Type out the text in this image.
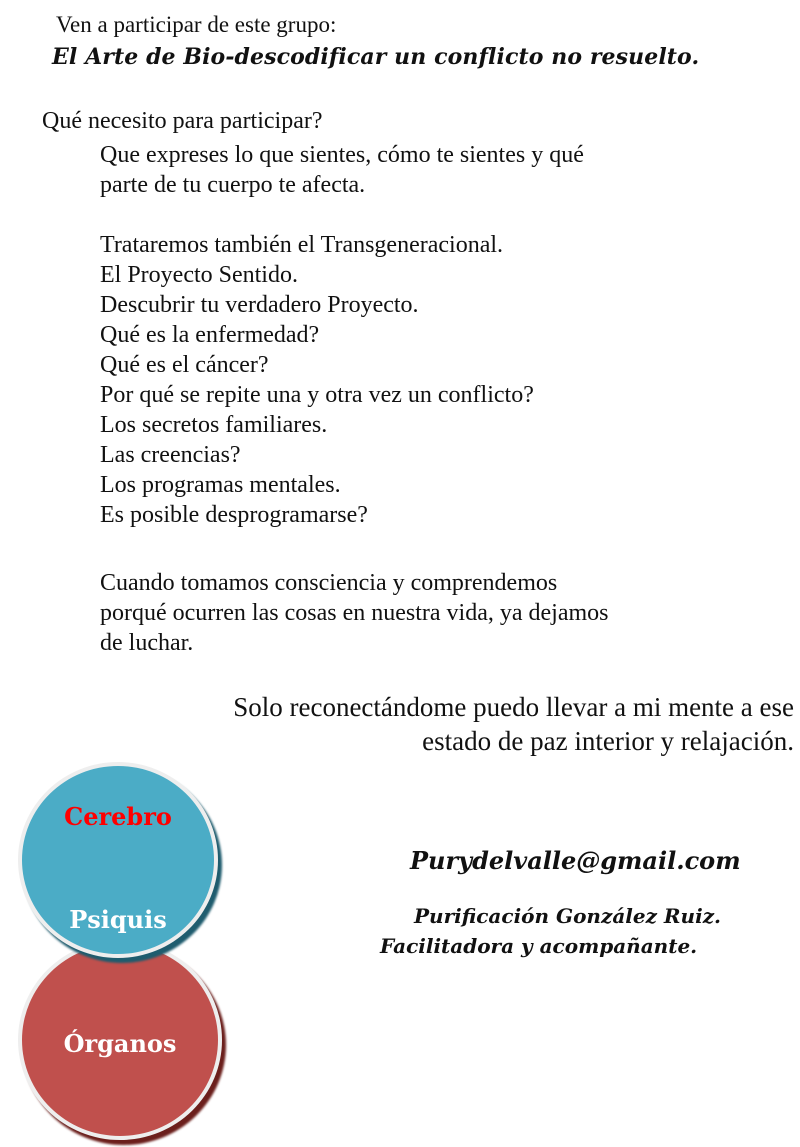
Ven a participar de este grupo:
El Arte de Bio-descodificar un conflicto no resuelto.
Qué necesito para participar?
Que expreses lo que sientes, cómo te sientes y qué
parte de tu cuerpo te afecta.
Trataremos también el Transgeneracional.
El Proyecto Sentido.
Descubrir tu verdadero Proyecto.
Qué es la enfermedad?
Qué es el cáncer?
Por qué se repite una y otra vez un conflicto?
Los secretos familiares.
Las creencias?
Los programas mentales.
Es posible desprogramarse?
Cuando tomamos consciencia y comprendemos
porqué ocurren las cosas en nuestra vida, ya dejamos
de luchar.
Solo reconectándome puedo llevar a mi mente a ese
estado de paz interior y relajación.
Órganos
Cerebro
Psiquis
Purydelvalle@gmail.com
Purificación González Ruiz.
Facilitadora y acompañante.
